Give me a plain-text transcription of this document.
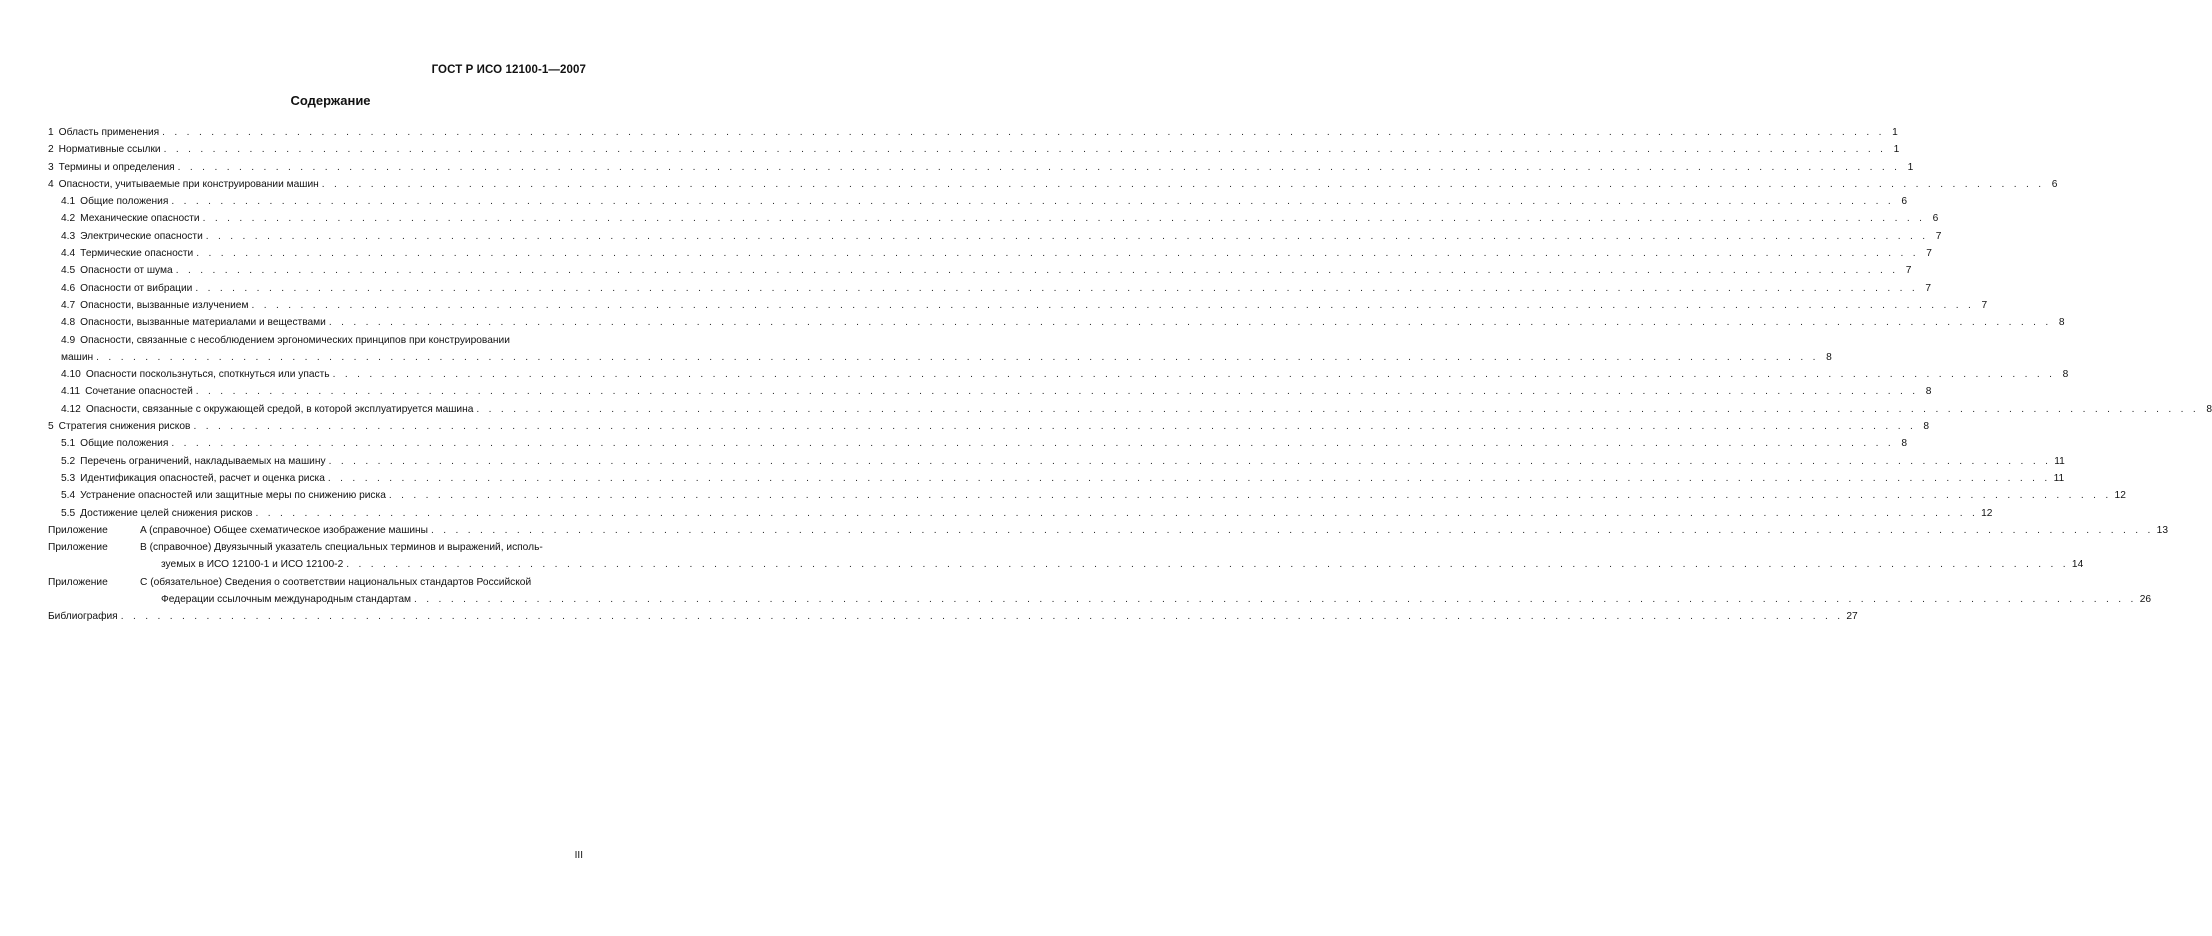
ГОСТ Р ИСО 12100-1—2007
Содержание
1 Область применения . . .	1
2 Нормативные ссылки . . .	1
3 Термины и определения . . .	1
4 Опасности, учитываемые при конструировании машин . . .	6
4.1 Общие положения . . .	6
4.2 Механические опасности . . .	6
4.3 Электрические опасности . . .	7
4.4 Термические опасности . . .	7
4.5 Опасности от шума . . .	7
4.6 Опасности от вибрации . . .	7
4.7 Опасности, вызванные излучением . . .	7
4.8 Опасности, вызванные материалами и веществами . . .	8
4.9 Опасности, связанные с несоблюдением эргономических принципов при конструировании
машин . . .	8
4.10 Опасности поскользнуться, споткнуться или упасть . . .	8
4.11 Сочетание опасностей . . .	8
4.12 Опасности, связанные с окружающей средой, в которой эксплуатируется машина . . .	8
5 Стратегия снижения рисков . . .	8
5.1 Общие положения . . .	8
5.2 Перечень ограничений, накладываемых на машину . . .	11
5.3 Идентификация опасностей, расчет и оценка риска . . .	11
5.4 Устранение опасностей или защитные меры по снижению риска . . .	12
5.5 Достижение целей снижения рисков . . .	12
Приложение	A (справочное) Общее схематическое изображение машины . . .	13
Приложение	B (справочное) Двуязычный указатель специальных терминов и выражений, исполь-
зуемых в ИСО 12100-1 и ИСО 12100-2 . . .	14
Приложение	C (обязательное) Сведения о соответствии национальных стандартов Российской
Федерации ссылочным международным стандартам . . .	26
Библиография . . .	27
III
